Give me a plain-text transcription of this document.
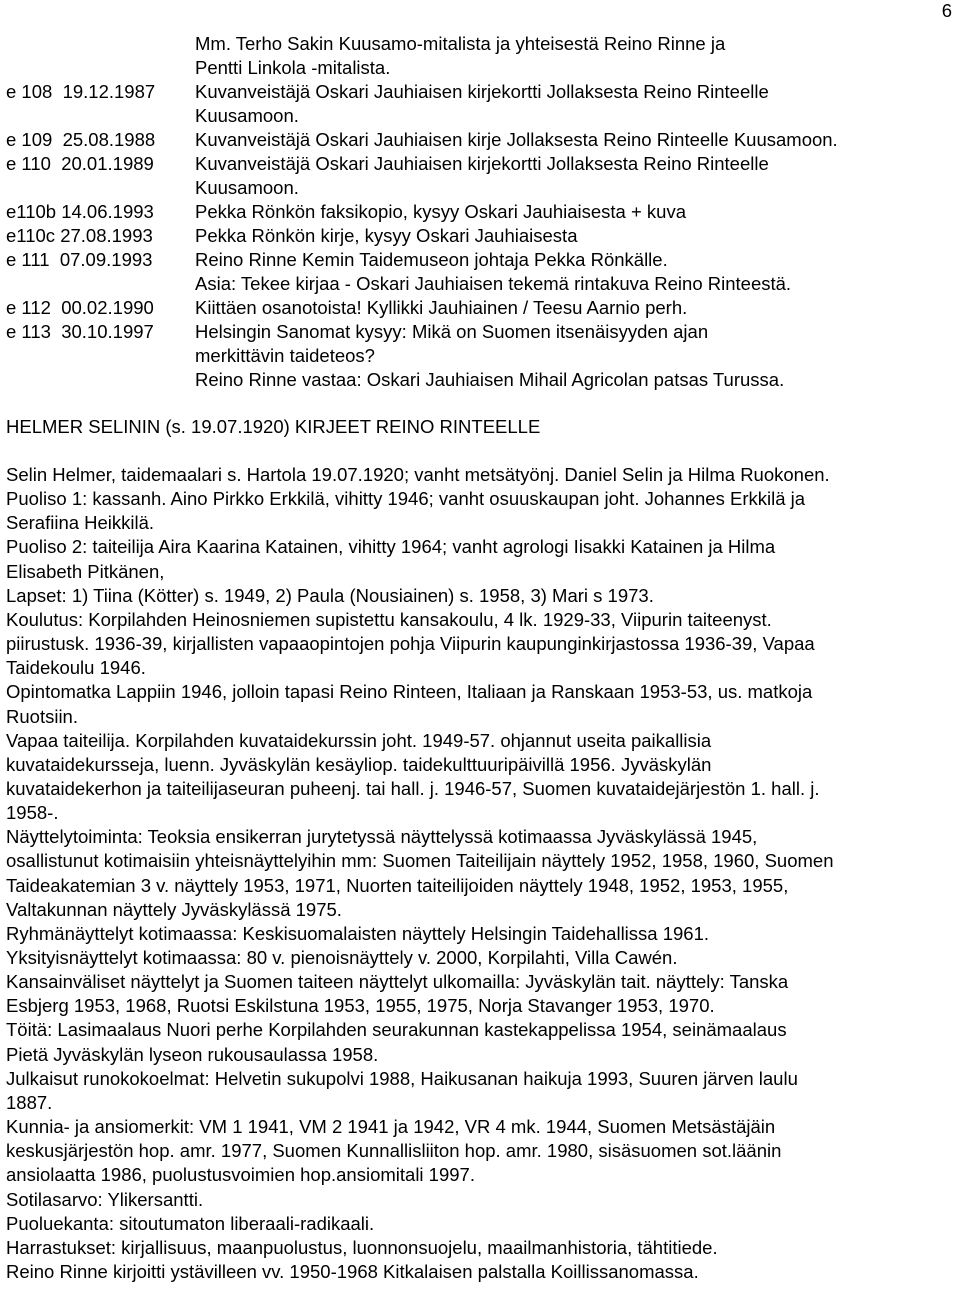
6
Mm. Terho Sakin Kuusamo-mitalista ja yhteisestä Reino Rinne ja
Pentti Linkola -mitalista.
e 108 19.12.1987 Kuvanveistäjä Oskari Jauhiaisen kirjekortti Jollaksesta Reino Rinteelle
Kuusamoon.
e 109 25.08.1988 Kuvanveistäjä Oskari Jauhiaisen kirje Jollaksesta Reino Rinteelle Kuusamoon.
e 110 20.01.1989 Kuvanveistäjä Oskari Jauhiaisen kirjekortti Jollaksesta Reino Rinteelle
Kuusamoon.
e110b 14.06.1993 Pekka Rönkön faksikopio, kysyy Oskari Jauhiaisesta + kuva
e110c 27.08.1993 Pekka Rönkön kirje, kysyy Oskari Jauhiaisesta
e 111 07.09.1993 Reino Rinne Kemin Taidemuseon johtaja Pekka Rönkälle.
Asia: Tekee kirjaa - Oskari Jauhiaisen tekemä rintakuva Reino Rinteestä.
e 112 00.02.1990 Kiittäen osanotoista! Kyllikki Jauhiainen / Teesu Aarnio perh.
e 113 30.10.1997 Helsingin Sanomat kysyy: Mikä on Suomen itsenäisyyden ajan
merkittävin taideteos?
Reino Rinne vastaa: Oskari Jauhiaisen Mihail Agricolan patsas Turussa.
HELMER SELININ (s. 19.07.1920) KIRJEET REINO RINTEELLE
Selin Helmer, taidemaalari s. Hartola 19.07.1920; vanht metsätyönj. Daniel Selin ja Hilma Ruokonen.
Puoliso 1: kassanh. Aino Pirkko Erkkilä, vihitty 1946; vanht osuuskaupan joht. Johannes Erkkilä ja
Serafiina Heikkilä.
Puoliso 2: taiteilija Aira Kaarina Katainen, vihitty 1964; vanht agrologi Iisakki Katainen ja Hilma
Elisabeth Pitkänen,
Lapset: 1) Tiina (Kötter) s. 1949, 2) Paula (Nousiainen) s. 1958, 3) Mari s 1973.
Koulutus: Korpilahden Heinosniemen supistettu kansakoulu, 4 lk. 1929-33, Viipurin taiteenyst.
piirustusk. 1936-39, kirjallisten vapaaopintojen pohja Viipurin kaupunginkirjastossa 1936-39, Vapaa
Taidekoulu 1946.
Opintomatka Lappiin 1946, jolloin tapasi Reino Rinteen, Italiaan ja Ranskaan 1953-53, us. matkoja
Ruotsiin.
Vapaa taiteilija. Korpilahden kuvataidekurssin joht. 1949-57. ohjannut useita paikallisia
kuvataidekursseja, luenn. Jyväskylän kesäyliop. taidekulttuuripäivillä 1956. Jyväskylän
kuvataidekerhon ja taiteilijaseuran puheenj. tai hall. j. 1946-57, Suomen kuvataidejärjestön 1. hall. j.
1958-.
Näyttelytoiminta: Teoksia ensikerran jurytetyssä näyttelyssä kotimaassa Jyväskylässä 1945,
osallistunut kotimaisiin yhteisnäyttelyihin mm: Suomen Taiteilijain näyttely 1952, 1958, 1960, Suomen
Taideakatemian 3 v. näyttely 1953, 1971, Nuorten taiteilijoiden näyttely 1948, 1952, 1953, 1955,
Valtakunnan näyttely Jyväskylässä 1975.
Ryhmänäyttelyt kotimaassa: Keskisuomalaisten näyttely Helsingin Taidehallissa 1961.
Yksityisnäyttelyt kotimaassa: 80 v. pienoisnäyttely v. 2000, Korpilahti, Villa Cawén.
Kansainväliset näyttelyt ja Suomen taiteen näyttelyt ulkomailla: Jyväskylän tait. näyttely: Tanska
Esbjerg 1953, 1968, Ruotsi Eskilstuna 1953, 1955, 1975, Norja Stavanger 1953, 1970.
Töitä: Lasimaalaus Nuori perhe Korpilahden seurakunnan kastekappelissa 1954, seinämaalaus
Pietä Jyväskylän lyseon rukousaulassa 1958.
Julkaisut runokokoelmat: Helvetin sukupolvi 1988, Haikusanan haikuja 1993, Suuren järven laulu
1887.
Kunnia- ja ansiomerkit: VM 1 1941, VM 2 1941 ja 1942, VR 4 mk. 1944, Suomen Metsästäjäin
keskusjärjestön hop. amr. 1977, Suomen Kunnallisliiton hop. amr. 1980, sisäsuomen sot.läänin
ansiolaatta 1986, puolustusvoimien hop.ansiomitali 1997.
Sotilasarvo: Ylikersantti.
Puoluekanta: sitoutumaton liberaali-radikaali.
Harrastukset: kirjallisuus, maanpuolustus, luonnonsuojelu, maailmanhistoria, tähtitiede.
Reino Rinne kirjoitti ystävilleen vv. 1950-1968 Kitkalaisen palstalla Koillissanomassa.
